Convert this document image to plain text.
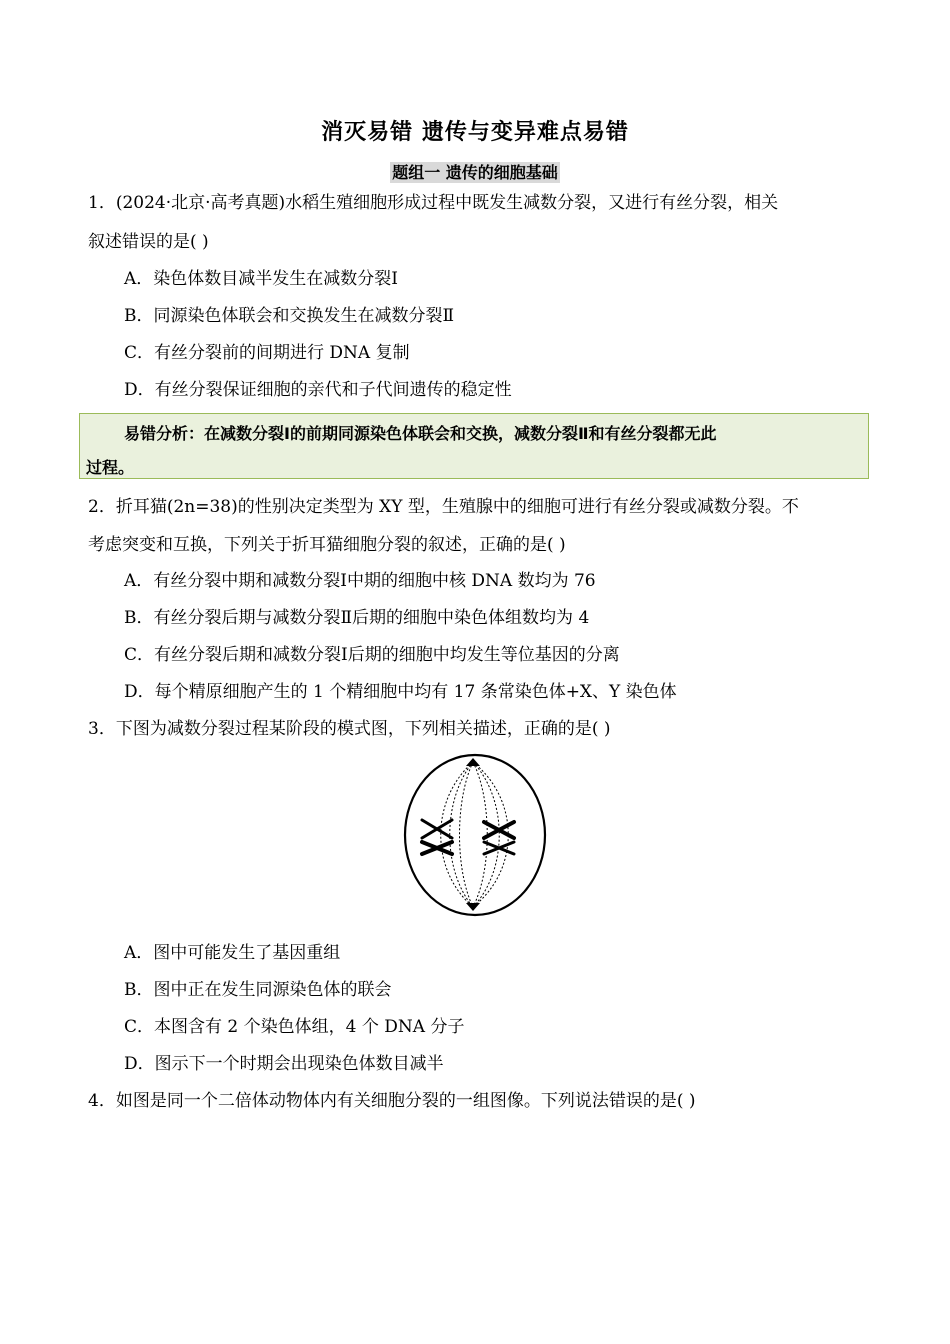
消灭易错 遗传与变异难点易错
题组一 遗传的细胞基础
1．(2024·北京·高考真题)水稻生殖细胞形成过程中既发生减数分裂，又进行有丝分裂，相关
叙述错误的是( )
A．染色体数目减半发生在减数分裂Ⅰ
B．同源染色体联会和交换发生在减数分裂Ⅱ
C．有丝分裂前的间期进行 DNA 复制
D．有丝分裂保证细胞的亲代和子代间遗传的稳定性
易错分析：在减数分裂Ⅰ的前期同源染色体联会和交换，减数分裂Ⅱ和有丝分裂都无此
过程。
2．折耳猫(2n=38)的性别决定类型为 XY 型，生殖腺中的细胞可进行有丝分裂或减数分裂。不
考虑突变和互换，下列关于折耳猫细胞分裂的叙述，正确的是( )
A．有丝分裂中期和减数分裂Ⅰ中期的细胞中核 DNA 数均为 76
B．有丝分裂后期与减数分裂Ⅱ后期的细胞中染色体组数均为 4
C．有丝分裂后期和减数分裂Ⅰ后期的细胞中均发生等位基因的分离
D．每个精原细胞产生的 1 个精细胞中均有 17 条常染色体+X、Y 染色体
3．下图为减数分裂过程某阶段的模式图，下列相关描述，正确的是( )
A．图中可能发生了基因重组
B．图中正在发生同源染色体的联会
C．本图含有 2 个染色体组，4 个 DNA 分子
D．图示下一个时期会出现染色体数目减半
4．如图是同一个二倍体动物体内有关细胞分裂的一组图像。下列说法错误的是( )
